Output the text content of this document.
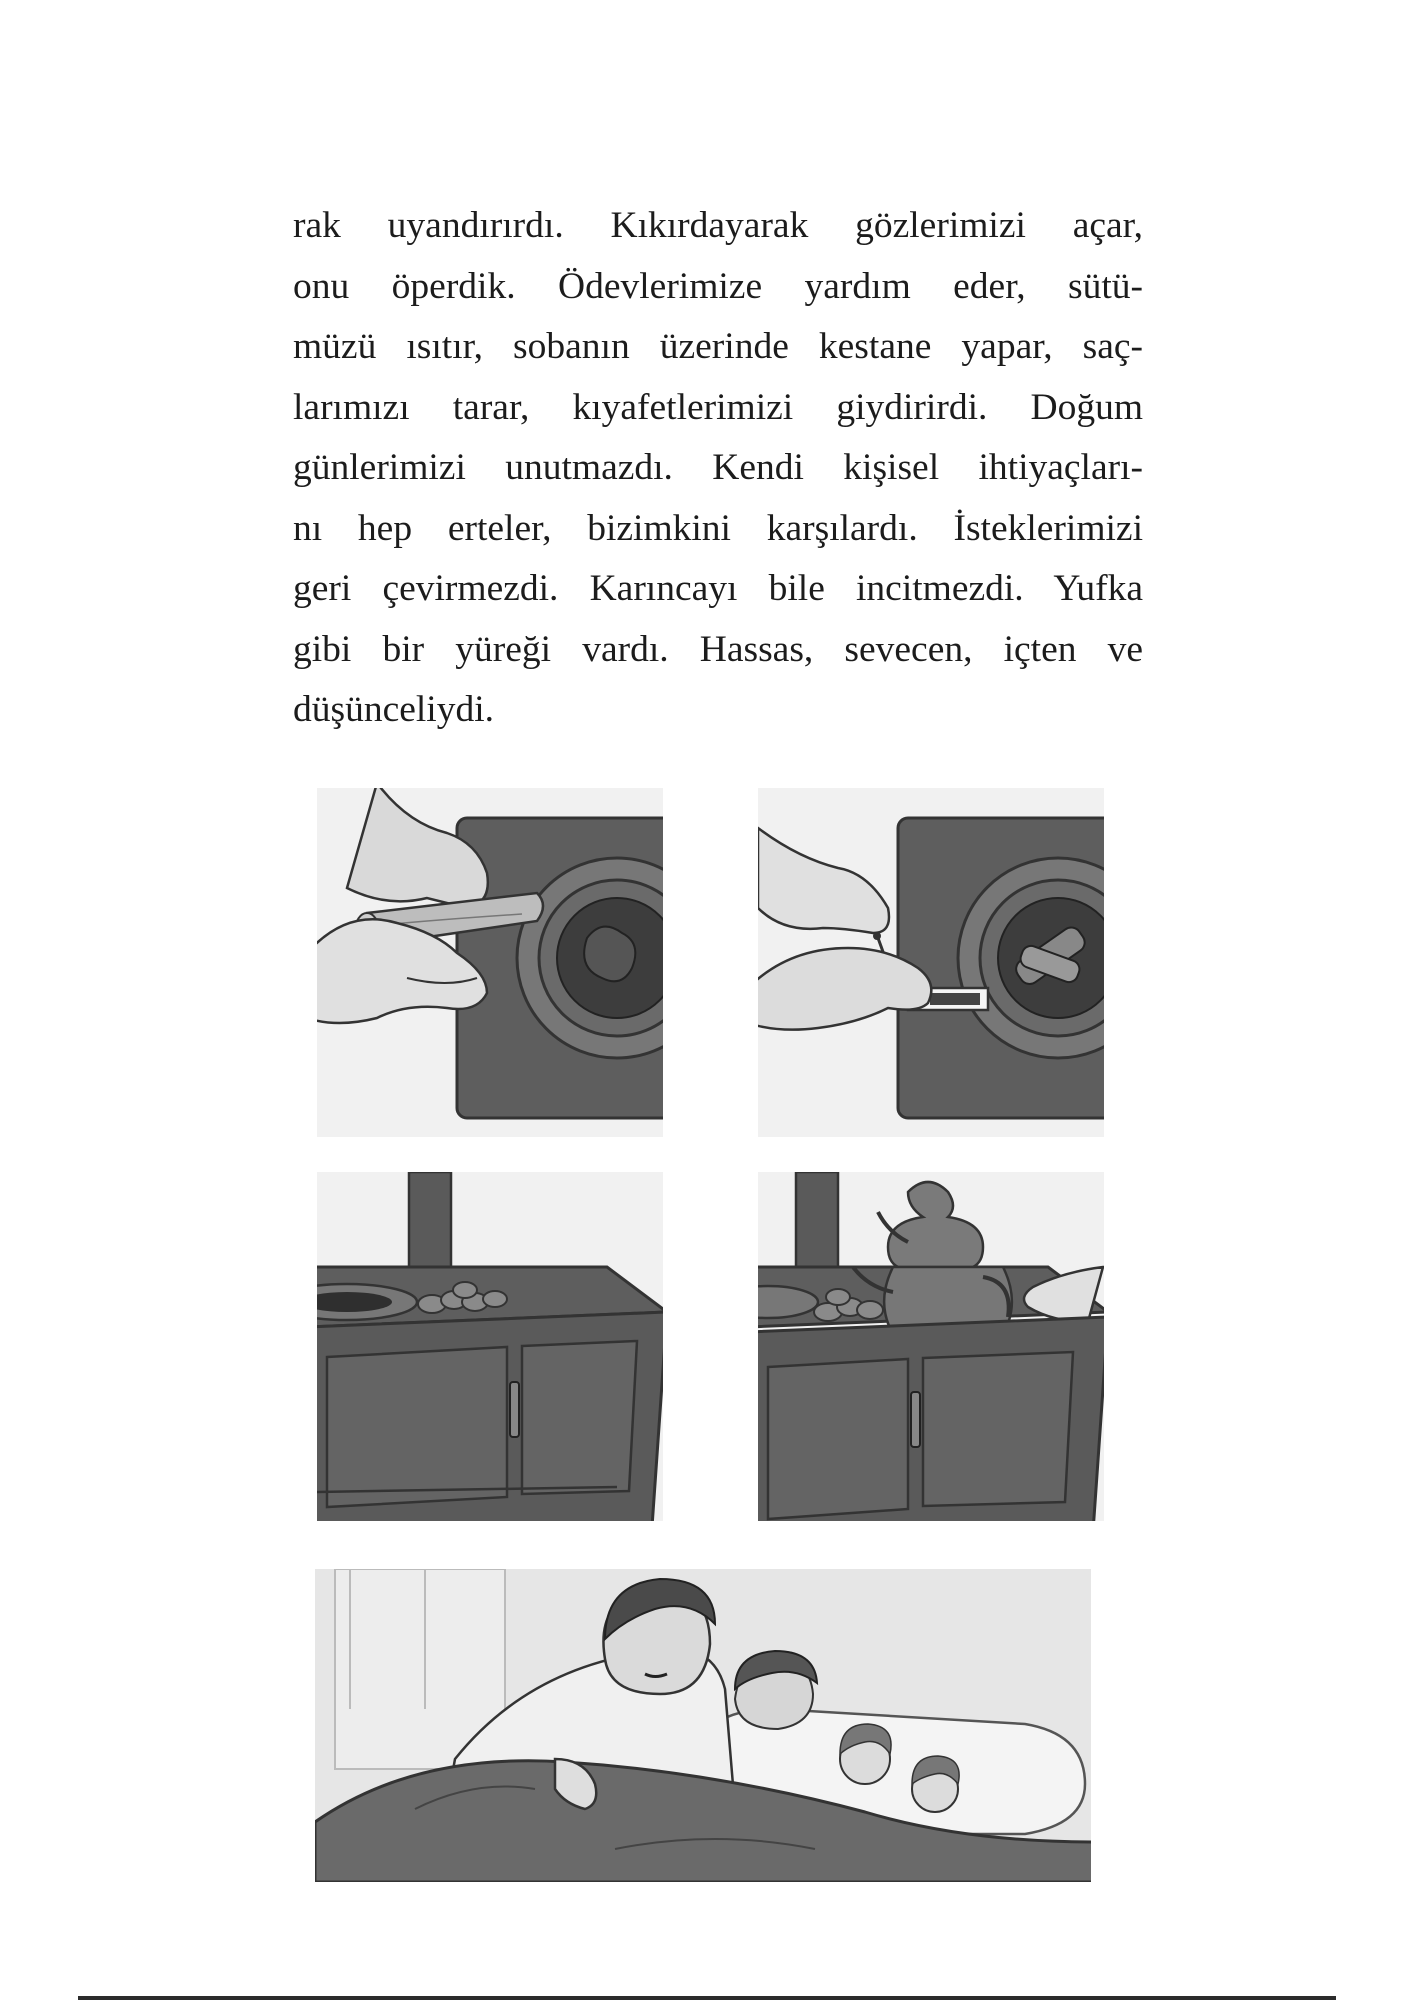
rak uyandırırdı. Kıkırdayarak gözlerimizi açar,
onu öperdik. Ödevlerimize yardım eder, sütü-
müzü ısıtır, sobanın üzerinde kestane yapar, saç-
larımızı tarar, kıyafetlerimizi giydirirdi. Doğum
günlerimizi unutmazdı. Kendi kişisel ihtiyaçları-
nı hep erteler, bizimkini karşılardı. İsteklerimizi
geri çevirmezdi. Karıncayı bile incitmezdi. Yufka
gibi bir yüreği vardı. Hassas, sevecen, içten ve
düşünceliydi.
